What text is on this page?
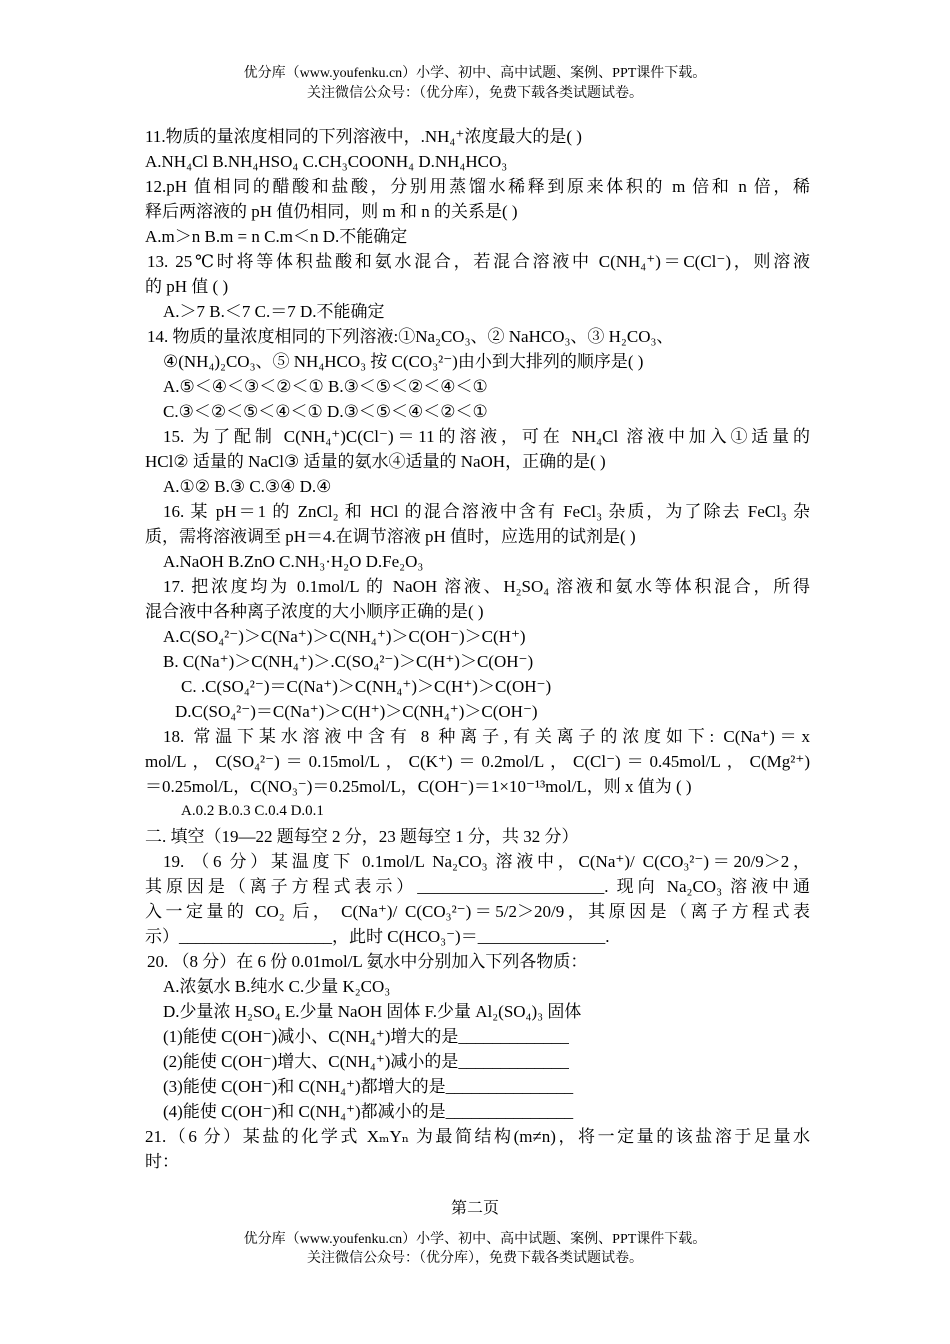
优分库（www.youfenku.cn）小学、初中、高中试题、案例、PPT课件下载。
关注微信公众号：（优分库），免费下载各类试题试卷。
11.物质的量浓度相同的下列溶液中，.NH₄⁺浓度最大的是( )
A.NH₄Cl B.NH₄HSO₄ C.CH₃COONH₄ D.NH₄HCO₃
12.pH 值相同的醋酸和盐酸，分别用蒸馏水稀释到原来体积的 m 倍和 n 倍，稀
释后两溶液的 pH 值仍相同，则 m 和 n 的关系是( )
A.m＞n B.m = n C.m＜n D.不能确定
13. 25℃时将等体积盐酸和氨水混合，若混合溶液中 C(NH₄⁺)＝C(Cl⁻)，则溶液
的 pH 值 ( )
A.＞7 B.＜7 C.＝7 D.不能确定
14. 物质的量浓度相同的下列溶液:①Na₂CO₃、② NaHCO₃、③ H₂CO₃、
④(NH₄)₂CO₃、⑤ NH₄HCO₃ 按 C(CO₃²⁻)由小到大排列的顺序是( )
A.⑤＜④＜③＜②＜① B.③＜⑤＜②＜④＜①
C.③＜②＜⑤＜④＜① D.③＜⑤＜④＜②＜①
15. 为了配制 C(NH₄⁺)C(Cl⁻)＝11的溶液，可在 NH₄Cl 溶液中加入①适量的
HCl② 适量的 NaCl③ 适量的氨水④适量的 NaOH，正确的是( )
A.①② B.③ C.③④ D.④
16. 某 pH＝1 的 ZnCl₂ 和 HCl 的混合溶液中含有 FeCl₃ 杂质，为了除去 FeCl₃ 杂
质，需将溶液调至 pH＝4.在调节溶液 pH 值时，应选用的试剂是( )
A.NaOH B.ZnO C.NH₃·H₂O D.Fe₂O₃
17. 把浓度均为 0.1mol/L 的 NaOH 溶液、H₂SO₄ 溶液和氨水等体积混合，所得
混合液中各种离子浓度的大小顺序正确的是( )
A.C(SO₄²⁻)＞C(Na⁺)＞C(NH₄⁺)＞C(OH⁻)＞C(H⁺)
B. C(Na⁺)＞C(NH₄⁺)＞.C(SO₄²⁻)＞C(H⁺)＞C(OH⁻)
C. .C(SO₄²⁻)＝C(Na⁺)＞C(NH₄⁺)＞C(H⁺)＞C(OH⁻)
D.C(SO₄²⁻)＝C(Na⁺)＞C(H⁺)＞C(NH₄⁺)＞C(OH⁻)
18. 常温下某水溶液中含有 8 种离子,有关离子的浓度如下: C(Na⁺)＝x
mol/L，C(SO₄²⁻)＝0.15mol/L，C(K⁺)＝0.2mol/L，C(Cl⁻)＝0.45mol/L，C(Mg²⁺)
＝0.25mol/L，C(NO₃⁻)＝0.25mol/L，C(OH⁻)＝1×10⁻¹³mol/L，则 x 值为 ( )
A.0.2 B.0.3 C.0.4 D.0.1
二. 填空（19—22 题每空 2 分，23 题每空 1 分，共 32 分）
19. （6 分）某温度下 0.1mol/L Na₂CO₃ 溶液中，C(Na⁺)/ C(CO₃²⁻)＝20/9＞2，
其原因是（离子方程式表示）______________________. 现向 Na₂CO₃ 溶液中通
入一定量的 CO₂ 后， C(Na⁺)/ C(CO₃²⁻)＝5/2＞20/9，其原因是（离子方程式表
示）__________________，此时 C(HCO₃⁻)＝_______________.
20. （8 分）在 6 份 0.01mol/L 氨水中分别加入下列各物质：
A.浓氨水 B.纯水 C.少量 K₂CO₃
D.少量浓 H₂SO₄ E.少量 NaOH 固体 F.少量 Al₂(SO₄)₃ 固体
(1)能使 C(OH⁻)减小、C(NH₄⁺)增大的是_____________
(2)能使 C(OH⁻)增大、C(NH₄⁺)减小的是_____________
(3)能使 C(OH⁻)和 C(NH₄⁺)都增大的是_______________
(4)能使 C(OH⁻)和 C(NH₄⁺)都减小的是_______________
21.（6 分）某盐的化学式 XₘYₙ 为最简结构(m≠n)，将一定量的该盐溶于足量水
时：
第二页
优分库（www.youfenku.cn）小学、初中、高中试题、案例、PPT课件下载。
关注微信公众号：（优分库），免费下载各类试题试卷。
